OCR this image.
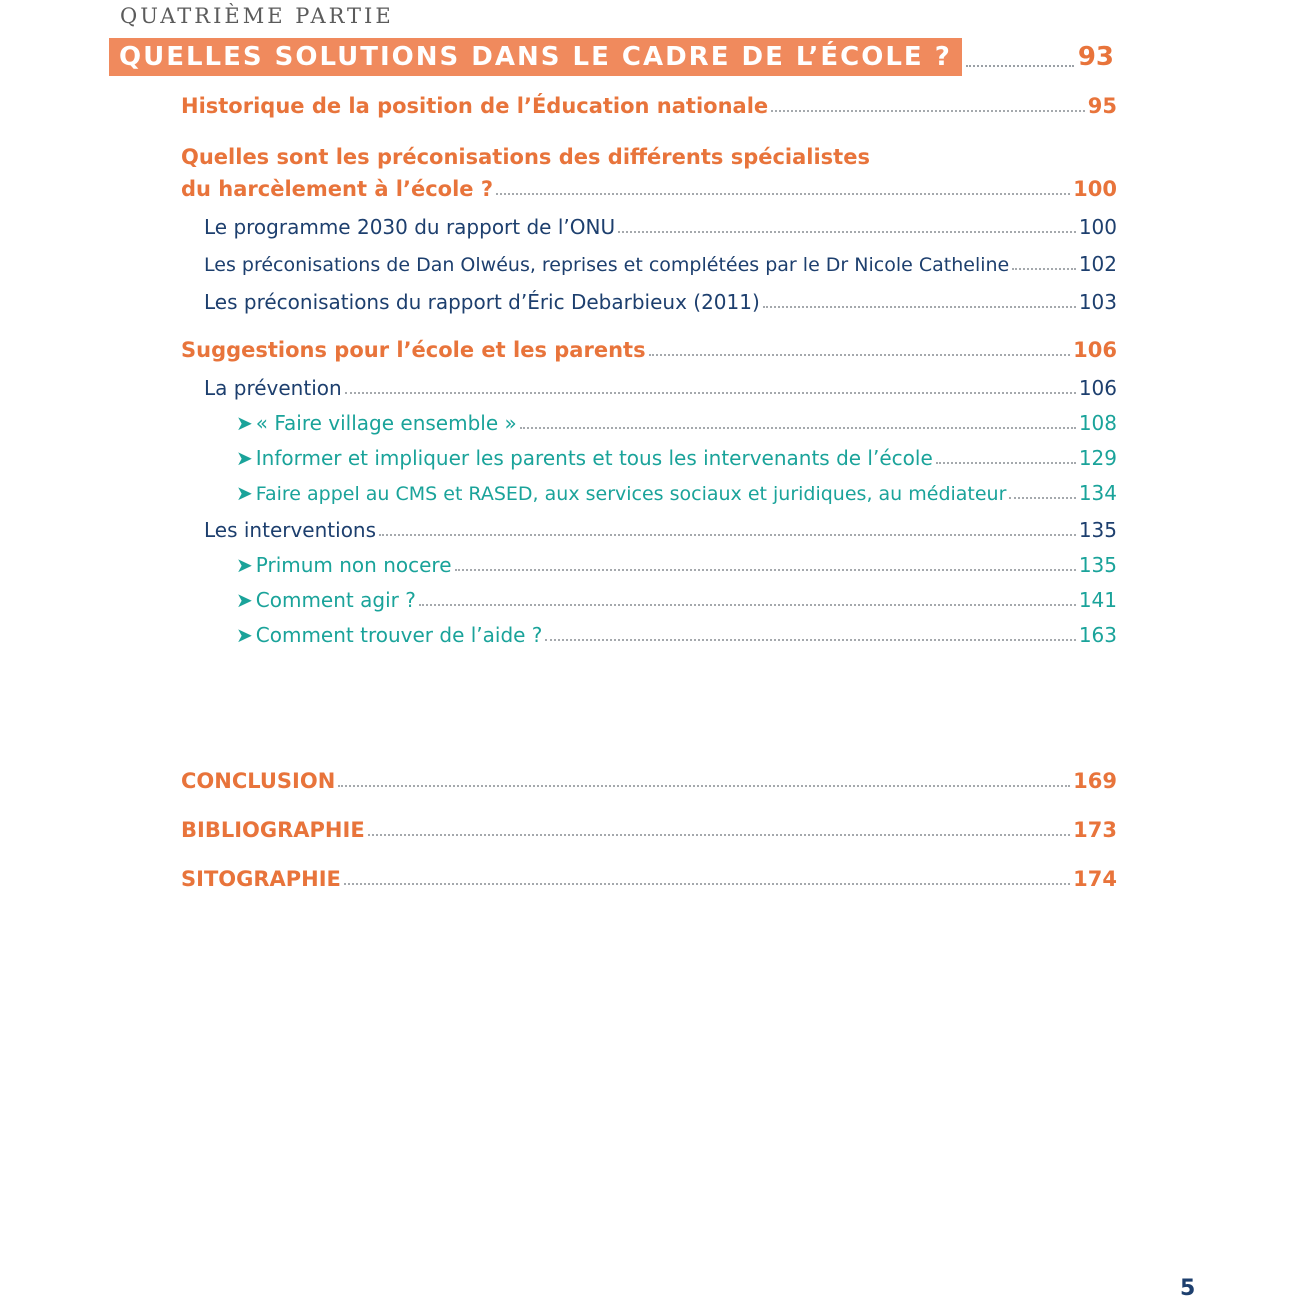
QUATRIÈME PARTIE
QUELLES SOLUTIONS DANS LE CADRE DE L’ÉCOLE ?	93
Historique de la position de l’Éducation nationale	95
Quelles sont les préconisations des différents spécialistes
du harcèlement à l’école ?	100
Le programme 2030 du rapport de l’ONU	100
Les préconisations de Dan Olwéus, reprises et complétées par le Dr Nicole Catheline	102
Les préconisations du rapport d’Éric Debarbieux (2011)	103
Suggestions pour l’école et les parents	106
La prévention	106
➤ « Faire village ensemble »	108
➤ Informer et impliquer les parents et tous les intervenants de l’école	129
➤ Faire appel au CMS et RASED, aux services sociaux et juridiques, au médiateur	134
Les interventions	135
➤ Primum non nocere	135
➤ Comment agir ?	141
➤ Comment trouver de l’aide ?	163
CONCLUSION	169
BIBLIOGRAPHIE	173
SITOGRAPHIE	174
5
